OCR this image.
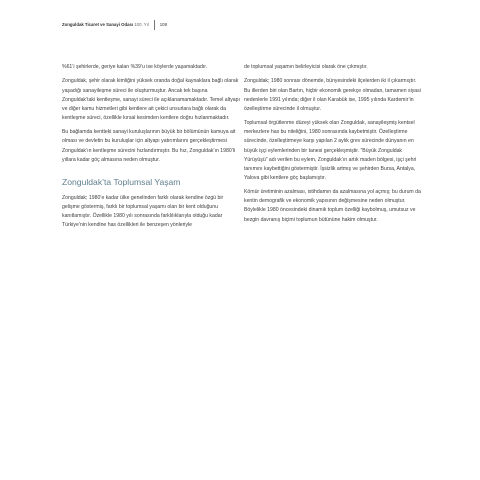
Zonguldak Ticaret ve Sanayi Odası 100. Yıl	108

%61’i şehirlerde, geriye kalan %39’u ise köylerde yaşamaktadır.

Zonguldak, şehir olarak kimliğini yüksek oranda doğal kaynaklara bağlı olarak yaşadığı sanayileşme süreci ile oluşturmuştur. Ancak tek başına Zonguldak’taki kentleşme, sanayi süreci ile açıklanamamaktadır. Temel altyapı ve diğer kamu hizmetleri gibi kentlere ait çekici unsurlara bağlı olarak da kentleşme süreci, özellikle kırsal kesimden kentlere doğru hızlanmaktadır.

Bu bağlamda kentteki sanayi kuruluşlarının büyük bir bölümünün kamuya ait olması ve devletin bu kuruluşlar için altyapı yatırımlarını gerçekleştirmesi Zonguldak’ın kentleşme sürecini hızlandırmıştır. Bu hız, Zonguldak’ın 1980’li yıllara kadar göç almasına neden olmuştur.

Zonguldak’ta Toplumsal Yaşam

Zonguldak; 1980’e kadar ülke genelinden farklı olarak kendine özgü bir gelişme göstermiş, farklı bir toplumsal yaşamı olan bir kent olduğunu kanıtlamıştır. Özellikle 1980 yılı sonrasında farklılıklarıyla olduğu kadar Türkiye’nin kendine has özellikleri ile benzeşen yönleriyle

de toplumsal yaşamın belirleyicisi olarak öne çıkmıştır.

Zonguldak; 1980 sonrası dönemde, bünyesindeki ilçelerden iki il çıkarmıştır. Bu illerden biri olan Bartın, hiçbir ekonomik gerekçe olmadan, tamamen siyasi nedenlerle 1991 yılında; diğer il olan Karabük ise, 1995 yılında Kardemir’in özelleştirme sürecinde il olmuştur.

Toplumsal örgütlenme düzeyi yüksek olan Zonguldak, sanayileşmiş kentsel merkezlere has bu niteliğini, 1980 sonrasında kaybetmiştir. Özelleştirme sürecinde, özelleştirmeye karşı yapılan 2 aylık grev sürecinde dünyanın en büyük işçi eylemlerinden bir tanesi gerçekleşmiştir. “Büyük Zonguldak Yürüyüşü” adı verilen bu eylem, Zonguldak’ın artık maden bölgesi, işçi şehri tanımını kaybettiğini göstermiştir. İşsizlik artmış ve şehirden Bursa, Antalya, Yalova gibi kentlere göç başlamıştır.

Kömür üretiminin azalması, istihdamın da azalmasına yol açmış; bu durum da kentin demografik ve ekonomik yapısının değişmesine neden olmuştur. Böylelikle 1980 öncesindeki dinamik toplum özelliği kaybolmuş, umutsuz ve bezgin davranış biçimi toplumun bütününe hakim olmuştur.
